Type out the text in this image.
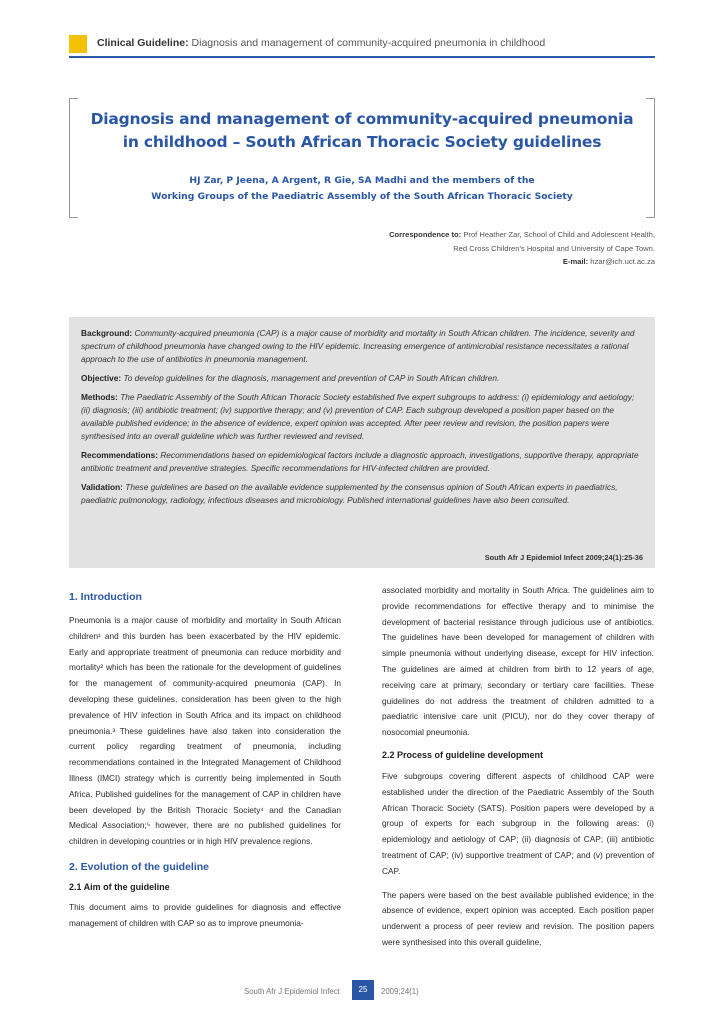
Clinical Guideline: Diagnosis and management of community-acquired pneumonia in childhood
Diagnosis and management of community-acquired pneumonia
in childhood – South African Thoracic Society guidelines
HJ Zar, P Jeena, A Argent, R Gie, SA Madhi and the members of the
Working Groups of the Paediatric Assembly of the South African Thoracic Society
Correspondence to: Prof Heather Zar, School of Child and Adolescent Health,
Red Cross Children's Hospital and University of Cape Town.
E-mail: hzar@ich.uct.ac.za

Background: Community-acquired pneumonia (CAP) is a major cause of morbidity and mortality in South African children. The incidence, severity and spectrum of childhood pneumonia have changed owing to the HIV epidemic. Increasing emergence of antimicrobial resistance necessitates a rational approach to the use of antibiotics in pneumonia management.

Objective: To develop guidelines for the diagnosis, management and prevention of CAP in South African children.

Methods: The Paediatric Assembly of the South African Thoracic Society established five expert subgroups to address: (i) epidemiology and aetiology; (ii) diagnosis; (iii) antibiotic treatment; (iv) supportive therapy; and (v) prevention of CAP. Each subgroup developed a position paper based on the available published evidence; in the absence of evidence, expert opinion was accepted. After peer review and revision, the position papers were synthesised into an overall guideline which was further reviewed and revised.

Recommendations: Recommendations based on epidemiological factors include a diagnostic approach, investigations, supportive therapy, appropriate antibiotic treatment and preventive strategies. Specific recommendations for HIV-infected children are provided.

Validation: These guidelines are based on the available evidence supplemented by the consensus opinion of South African experts in paediatrics, paediatric pulmonology, radiology, infectious diseases and microbiology. Published international guidelines have also been consulted.

South Afr J Epidemiol Infect 2009;24(1):25-36
1. Introduction

Pneumonia is a major cause of morbidity and mortality in South African children¹ and this burden has been exacerbated by the HIV epidemic. Early and appropriate treatment of pneumonia can reduce morbidity and mortality² which has been the rationale for the development of guidelines for the management of community-acquired pneumonia (CAP). In developing these guidelines, consideration has been given to the high prevalence of HIV infection in South Africa and its impact on childhood pneumonia.³ These guidelines have also taken into consideration the current policy regarding treatment of pneumonia, including recommendations contained in the Integrated Management of Childhood Illness (IMCI) strategy which is currently being implemented in South Africa. Published guidelines for the management of CAP in children have been developed by the British Thoracic Society⁴ and the Canadian Medical Association;⁵ however, there are no published guidelines for children in developing countries or in high HIV prevalence regions.

2. Evolution of the guideline
2.1 Aim of the guideline

This document aims to provide guidelines for diagnosis and effective management of children with CAP so as to improve pneumonia-

associated morbidity and mortality in South Africa. The guidelines aim to provide recommendations for effective therapy and to minimise the development of bacterial resistance through judicious use of antibiotics. The guidelines have been developed for management of children with simple pneumonia without underlying disease, except for HIV infection. The guidelines are aimed at children from birth to 12 years of age, receiving care at primary, secondary or tertiary care facilities. These guidelines do not address the treatment of children admitted to a paediatric intensive care unit (PICU), nor do they cover therapy of nosocomial pneumonia.

2.2 Process of guideline development

Five subgroups covering different aspects of childhood CAP were established under the direction of the Paediatric Assembly of the South African Thoracic Society (SATS). Position papers were developed by a group of experts for each subgroup in the following areas: (i) epidemiology and aetiology of CAP; (ii) diagnosis of CAP; (iii) antibiotic treatment of CAP; (iv) supportive treatment of CAP; and (v) prevention of CAP.

The papers were based on the best available published evidence; in the absence of evidence, expert opinion was accepted. Each position paper underwent a process of peer review and revision. The position papers were synthesised into this overall guideline,

South Afr J Epidemiol Infect	25	2009;24(1)
